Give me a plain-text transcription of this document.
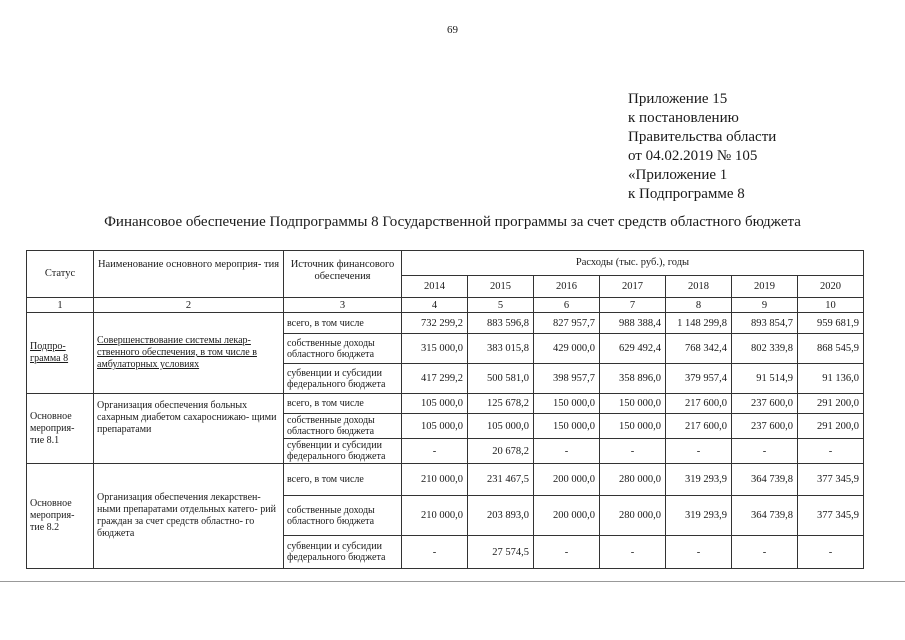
69
Приложение 15
к постановлению
Правительства области
от 04.02.2019 № 105
«Приложение 1
к Подпрограмме 8
Финансовое обеспечение Подпрограммы 8 Государственной программы за счет средств областного бюджета
Статус	Наименование основного мероприя- тия	Источник финансового обеспечения	Расходы (тыс. руб.), годы						
			2014	2015	2016	2017	2018	2019	2020
1	2	3	4	5	6	7	8	9	10
Подпро- грамма 8	Совершенствование системы лекар- ственного обеспечения, в том числе в амбулаторных условиях	всего, в том числе	732 299,2	883 596,8	827 957,7	988 388,4	1 148 299,8	893 854,7	959 681,9
		собственные доходы областного бюджета	315 000,0	383 015,8	429 000,0	629 492,4	768 342,4	802 339,8	868 545,9
		субвенции и субсидии федерального бюджета	417 299,2	500 581,0	398 957,7	358 896,0	379 957,4	91 514,9	91 136,0
Основное мероприя- тие 8.1	Организация обеспечения больных сахарным диабетом сахароснижаю- щими препаратами	всего, в том числе	105 000,0	125 678,2	150 000,0	150 000,0	217 600,0	237 600,0	291 200,0
		собственные доходы областного бюджета	105 000,0	105 000,0	150 000,0	150 000,0	217 600,0	237 600,0	291 200,0
		субвенции и субсидии федерального бюджета	-	20 678,2	-	-	-	-	-
Основное мероприя- тие 8.2	Организация обеспечения лекарствен- ными препаратами отдельных катего- рий граждан за счет средств областно- го бюджета	всего, в том числе	210 000,0	231 467,5	200 000,0	280 000,0	319 293,9	364 739,8	377 345,9
		собственные доходы областного бюджета	210 000,0	203 893,0	200 000,0	280 000,0	319 293,9	364 739,8	377 345,9
		субвенции и субсидии федерального бюджета	-	27 574,5	-	-	-	-	-
